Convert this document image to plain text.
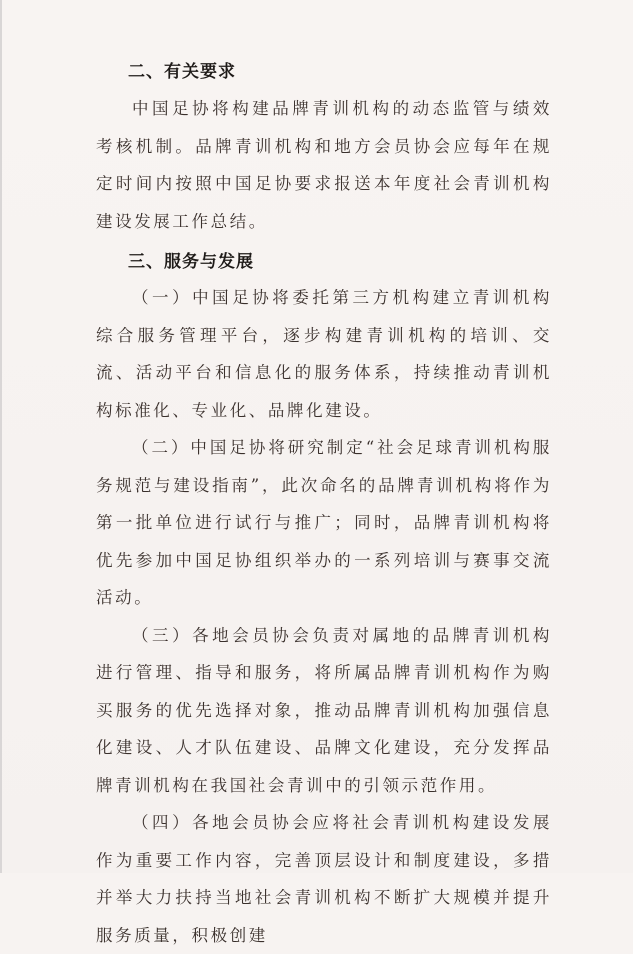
二、有关要求

中国足协将构建品牌青训机构的动态监管与绩效考核机制。品牌青训机构和地方会员协会应每年在规定时间内按照中国足协要求报送本年度社会青训机构建设发展工作总结。

三、服务与发展

（一）中国足协将委托第三方机构建立青训机构综合服务管理平台，逐步构建青训机构的培训、交流、活动平台和信息化的服务体系，持续推动青训机构标准化、专业化、品牌化建设。

（二）中国足协将研究制定“社会足球青训机构服务规范与建设指南”，此次命名的品牌青训机构将作为第一批单位进行试行与推广；同时，品牌青训机构将优先参加中国足协组织举办的一系列培训与赛事交流活动。

（三）各地会员协会负责对属地的品牌青训机构进行管理、指导和服务，将所属品牌青训机构作为购买服务的优先选择对象，推动品牌青训机构加强信息化建设、人才队伍建设、品牌文化建设，充分发挥品牌青训机构在我国社会青训中的引领示范作用。

（四）各地会员协会应将社会青训机构建设发展作为重要工作内容，完善顶层设计和制度建设，多措并举大力扶持当地社会青训机构不断扩大规模并提升服务质量，积极创建
